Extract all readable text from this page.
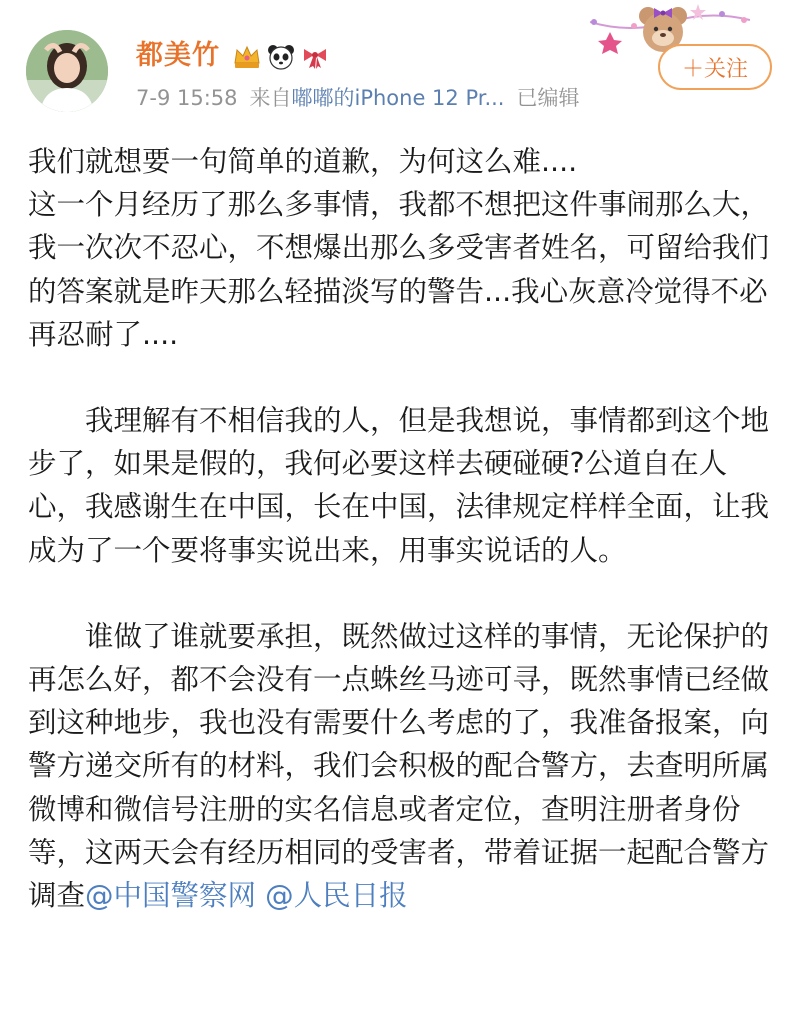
都美竹
7-9 15:58 来自嘟嘟的iPhone 12 Pr... 已编辑
＋关注

我们就想要一句简单的道歉，为何这么难....

这一个月经历了那么多事情，我都不想把这件事闹那么大，我一次次不忍心，不想爆出那么多受害者姓名，可留给我们的答案就是昨天那么轻描淡写的警告...我心灰意冷觉得不必再忍耐了....

我理解有不相信我的人，但是我想说，事情都到这个地步了，如果是假的，我何必要这样去硬碰硬?公道自在人心，我感谢生在中国，长在中国，法律规定样样全面，让我成为了一个要将事实说出来，用事实说话的人。

谁做了谁就要承担，既然做过这样的事情，无论保护的再怎么好，都不会没有一点蛛丝马迹可寻，既然事情已经做到这种地步，我也没有需要什么考虑的了，我准备报案，向警方递交所有的材料，我们会积极的配合警方，去查明所属微博和微信号注册的实名信息或者定位，查明注册者身份等，这两天会有经历相同的受害者，带着证据一起配合警方调查@中国警察网 @人民日报
